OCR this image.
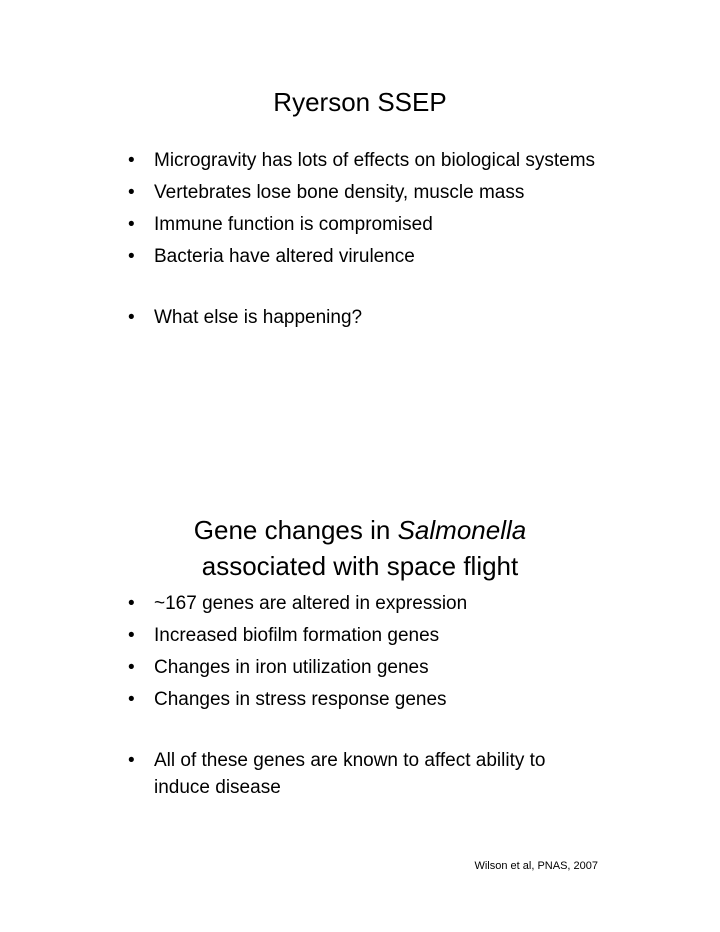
Ryerson SSEP
• Microgravity has lots of effects on biological systems
• Vertebrates lose bone density, muscle mass
• Immune function is compromised
• Bacteria have altered virulence
• What else is happening?
Gene changes in Salmonella
associated with space flight
• ~167 genes are altered in expression
• Increased biofilm formation genes
• Changes in iron utilization genes
• Changes in stress response genes
• All of these genes are known to affect ability to induce disease
Wilson et al, PNAS, 2007
